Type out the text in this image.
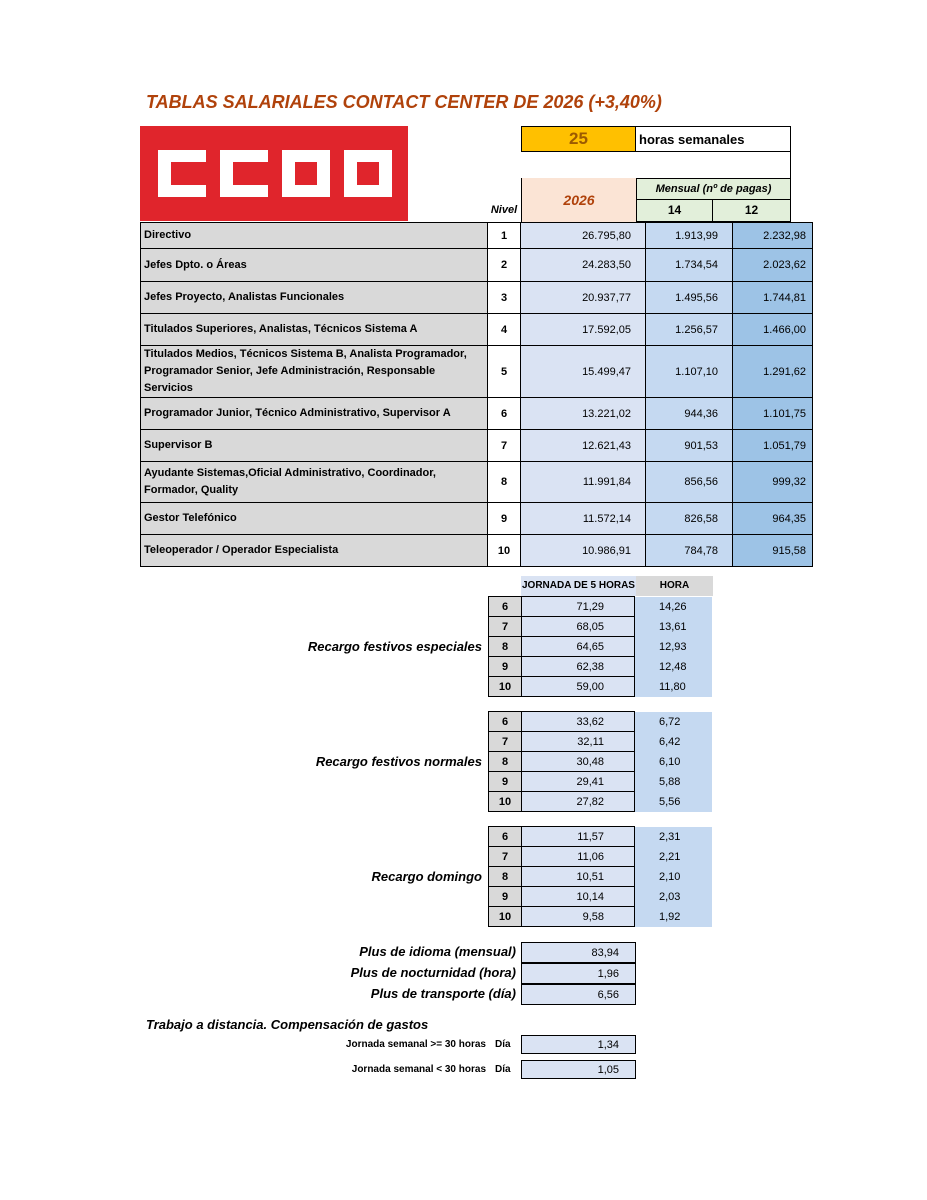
TABLAS SALARIALES CONTACT CENTER DE 2026 (+3,40%)
25	horas semanales
2026
Mensual (nº de pagas)
14	12
Nivel
Directivo	1	26.795,80	1.913,99	2.232,98
Jefes Dpto. o Áreas	2	24.283,50	1.734,54	2.023,62
Jefes Proyecto, Analistas Funcionales	3	20.937,77	1.495,56	1.744,81
Titulados Superiores, Analistas, Técnicos Sistema A	4	17.592,05	1.256,57	1.466,00
Titulados Medios, Técnicos Sistema B, Analista Programador, Programador Senior, Jefe Administración, Responsable Servicios	5	15.499,47	1.107,10	1.291,62
Programador Junior, Técnico Administrativo, Supervisor A	6	13.221,02	944,36	1.101,75
Supervisor B	7	12.621,43	901,53	1.051,79
Ayudante Sistemas,Oficial Administrativo, Coordinador, Formador, Quality	8	11.991,84	856,56	999,32
Gestor Telefónico	9	11.572,14	826,58	964,35
Teleoperador / Operador Especialista	10	10.986,91	784,78	915,58
JORNADA DE 5 HORAS	HORA
6	71,29	14,26
7	68,05	13,61
8	64,65	12,93
9	62,38	12,48
10	59,00	11,80
Recargo festivos especiales
6	33,62	6,72
7	32,11	6,42
8	30,48	6,10
9	29,41	5,88
10	27,82	5,56
Recargo festivos normales
6	11,57	2,31
7	11,06	2,21
8	10,51	2,10
9	10,14	2,03
10	9,58	1,92
Recargo domingo
Plus de idioma (mensual)	83,94
Plus de nocturnidad (hora)	1,96
Plus de transporte (día)	6,56
Trabajo a distancia. Compensación de gastos
Jornada semanal >= 30 horas Día	1,34
Jornada semanal < 30 horas Día	1,05
